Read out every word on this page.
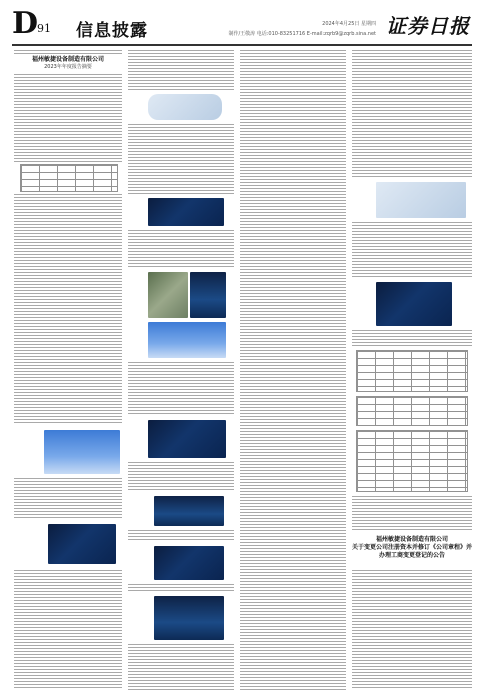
D
91 信息披露	2024年4月25日 星期四
制作/王敬涛 电话:010-83251716 E-mail:zqrb9@zqrb.sina.net 证券日报
福州敏捷设备制造有限公司
2023年年度报告摘要
福州敏捷设备制造有限公司
关于变更公司注册资本并修订《公司章程》并办理工商变更登记的公告
